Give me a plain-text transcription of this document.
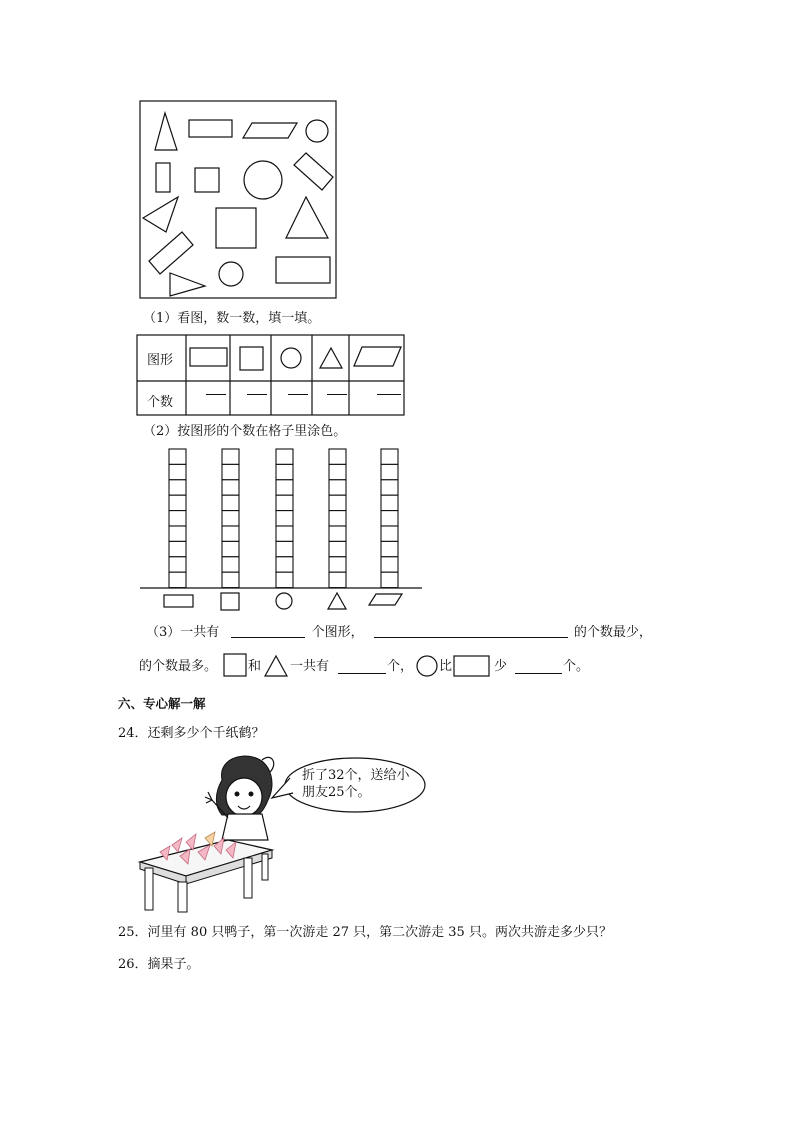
（1）看图，数一数，填一填。
图形
个数
（2）按图形的个数在格子里涂色。
（3）一共有	个图形，	的个数最少，
的个数最多。 和 一共有	个， 比	少	个。
六、专心解一解
24．还剩多少个千纸鹤？
折了32个，送给小
朋友25个。
25．河里有 80 只鸭子，第一次游走 27 只，第二次游走 35 只。两次共游走多少只？
26．摘果子。
